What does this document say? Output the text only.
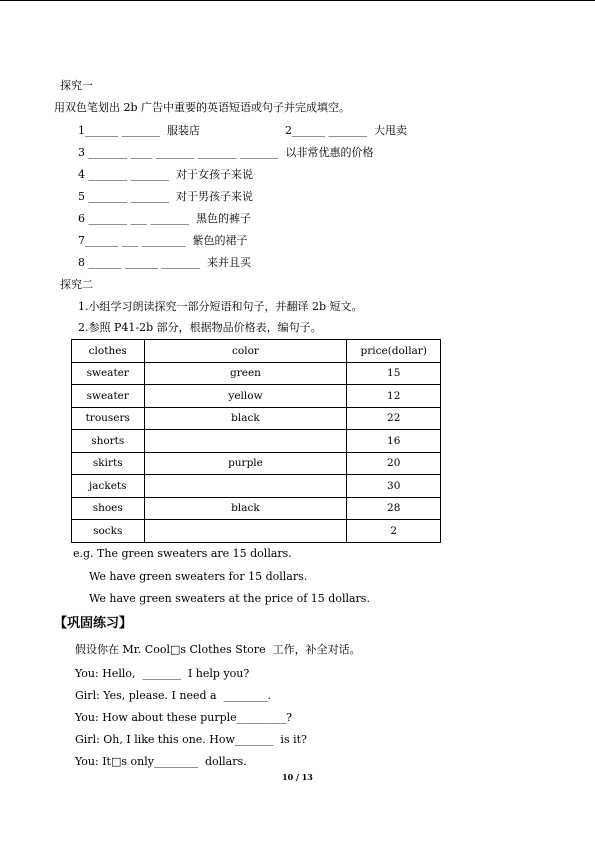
探究一
用双色笔划出 2b 广告中重要的英语短语或句子并完成填空。
1______ _______  服装店	2______ _______  大甩卖
3 _______ ____ _______ _______ _______  以非常优惠的价格
4 _______ _______  对于女孩子来说
5 _______ _______  对于男孩子来说
6 _______ ___ _______  黑色的裤子
7______ ___ ________  紫色的裙子
8 ______ ______ _______  来并且买
探究二
1.小组学习朗读探究一部分短语和句子，并翻译 2b 短文。
2.参照 P41-2b 部分，根据物品价格表，编句子。
clothes	color	price(dollar)
sweater	green	15
sweater	yellow	12
trousers	black	22
shorts		16
skirts	purple	20
jackets		30
shoes	black	28
socks		2
e.g. The green sweaters are 15 dollars.
We have green sweaters for 15 dollars.
We have green sweaters at the price of 15 dollars.
【巩固练习】
假设你在 Mr. Cool□s Clothes Store  工作，补全对话。
You: Hello,  _______  I help you?
Girl: Yes, please. I need a  ________.
You: How about these purple_________?
Girl: Oh, I like this one. How_______  is it?
You: It□s only________  dollars.
10 / 13
